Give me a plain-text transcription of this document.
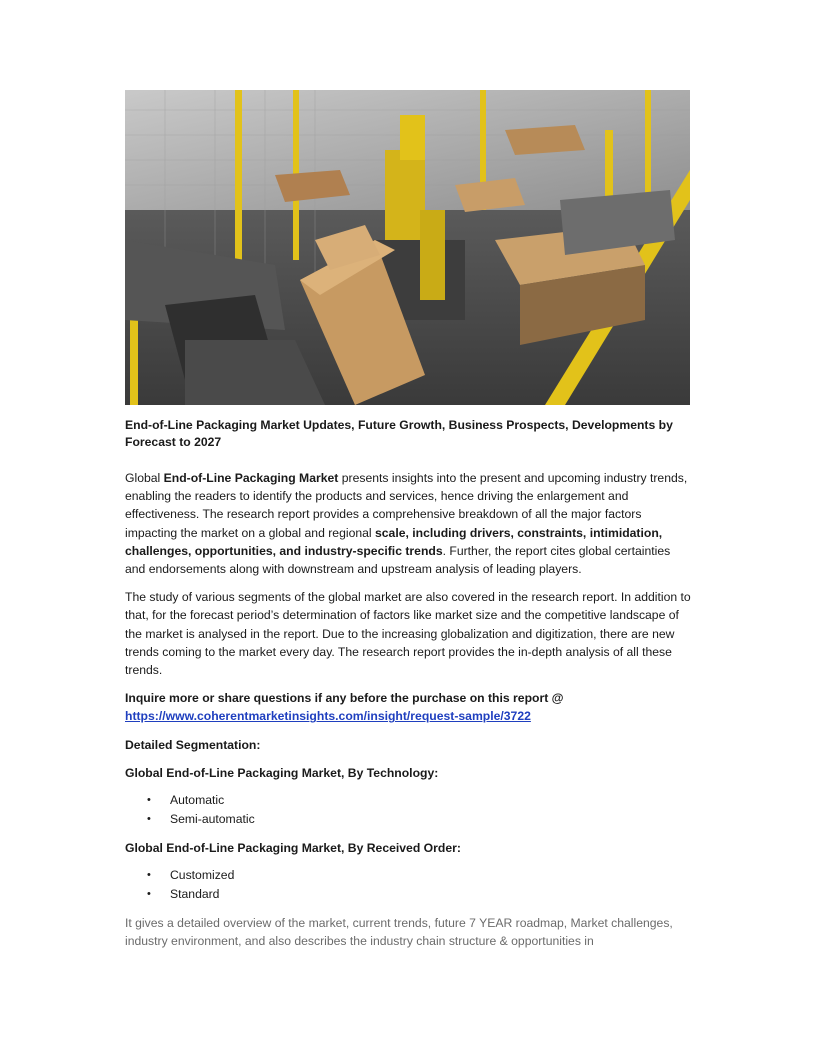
End-of-Line Packaging Market Updates, Future Growth, Business Prospects, Developments by Forecast to 2027

Global End-of-Line Packaging Market presents insights into the present and upcoming industry trends, enabling the readers to identify the products and services, hence driving the enlargement and effectiveness. The research report provides a comprehensive breakdown of all the major factors impacting the market on a global and regional scale, including drivers, constraints, intimidation, challenges, opportunities, and industry-specific trends. Further, the report cites global certainties and endorsements along with downstream and upstream analysis of leading players.

The study of various segments of the global market are also covered in the research report. In addition to that, for the forecast period’s determination of factors like market size and the competitive landscape of the market is analysed in the report. Due to the increasing globalization and digitization, there are new trends coming to the market every day. The research report provides the in-depth analysis of all these trends.

Inquire more or share questions if any before the purchase on this report @
https://www.coherentmarketinsights.com/insight/request-sample/3722

Detailed Segmentation:

Global End-of-Line Packaging Market, By Technology:

• Automatic
• Semi-automatic

Global End-of-Line Packaging Market, By Received Order:

• Customized
• Standard

It gives a detailed overview of the market, current trends, future 7 YEAR roadmap, Market challenges, industry environment, and also describes the industry chain structure & opportunities in
